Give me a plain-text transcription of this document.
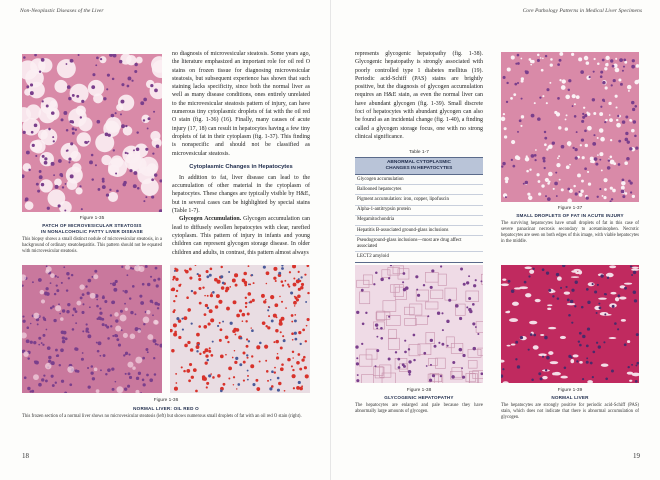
Non-Neoplastic Diseases of the Liver
Figure 1-35
PATCH OF MICROVESICULAR STEATOSIS
IN NONALCOHOLIC FATTY LIVER DISEASE
This biopsy shows a small distinct nodule of microvesicular steatosis, in a background of ordinary steatohepatitis. This pattern should not be equated with microvesicular steatosis.

no diagnosis of microvesicular steatosis. Some years ago, the literature emphasized an important role for oil red O stains on frozen tissue for diagnosing microvesicular steatosis, but subsequent experience has shown that such staining lacks specificity, since both the normal liver as well as many disease conditions, ones entirely unrelated to the microvesicular steatosis pattern of injury, can have numerous tiny cytoplasmic droplets of fat with the oil red O stain (fig. 1-36) (16). Finally, many causes of acute injury (17, 18) can result in hepatocytes having a few tiny droplets of fat in their cytoplasm (fig. 1-37). This finding is nonspecific and should not be classified as microvesicular steatosis.

Cytoplasmic Changes in Hepatocytes

In addition to fat, liver disease can lead to the accumulation of other material in the cytoplasm of hepatocytes. These changes are typically visible by H&E, but in several cases can be highlighted by special stains (Table 1-7).

Glycogen Accumulation. Glycogen accumulation can lead to diffusely swollen hepatocytes with clear, rarefied cytoplasm. This pattern of injury in infants and young children can represent glycogen storage disease. In older children and adults, in contrast, this pattern almost always

Figure 1-36
NORMAL LIVER: OIL RED O
This frozen section of a normal liver shows no microvesicular steatosis (left) but shows numerous small droplets of fat with an oil red O stain (right).
18
Core Pathology Patterns in Medical Liver Specimens

represents glycogenic hepatopathy (fig. 1-38). Glycogenic hepatopathy is strongly associated with poorly controlled type 1 diabetes mellitus (19). Periodic acid-Schiff (PAS) stains are brightly positive, but the diagnosis of glycogen accumulation requires an H&E stain, as even the normal liver can have abundant glycogen (fig. 1-39). Small discrete foci of hepatocytes with abundant glycogen can also be found as an incidental change (fig. 1-40), a finding called a glycogen storage focus, one with no strong clinical significance.

Table 1-7
ABNORMAL CYTOPLASMIC
CHANGES IN HEPATOCYTES
Glycogen accumulation
Ballooned hepatocytes
Pigment accumulation: iron, copper, lipofuscin
Alpha-1-antitrypsin protein
Megamitochondria
Hepatitis B-associated ground-glass inclusions
Pseudoground-glass inclusions—most are drug affect associated
LECT2 amyloid
Figure 1-37
SMALL DROPLETS OF FAT IN ACUTE INJURY
The surviving hepatocytes have small droplets of fat in this case of severe panacinar necrosis secondary to acetaminophen. Necrotic hepatocytes are seen on both edges of this image, with viable hepatocytes in the middle.
Figure 1-38
GLYCOGENIC HEPATOPATHY
The hepatocytes are enlarged and pale because they have abnormally large amounts of glycogen.
Figure 1-39
NORMAL LIVER
The hepatocytes are strongly positive for periodic acid-Schiff (PAS) stain, which does not indicate that there is abnormal accumulation of glycogen.
19
